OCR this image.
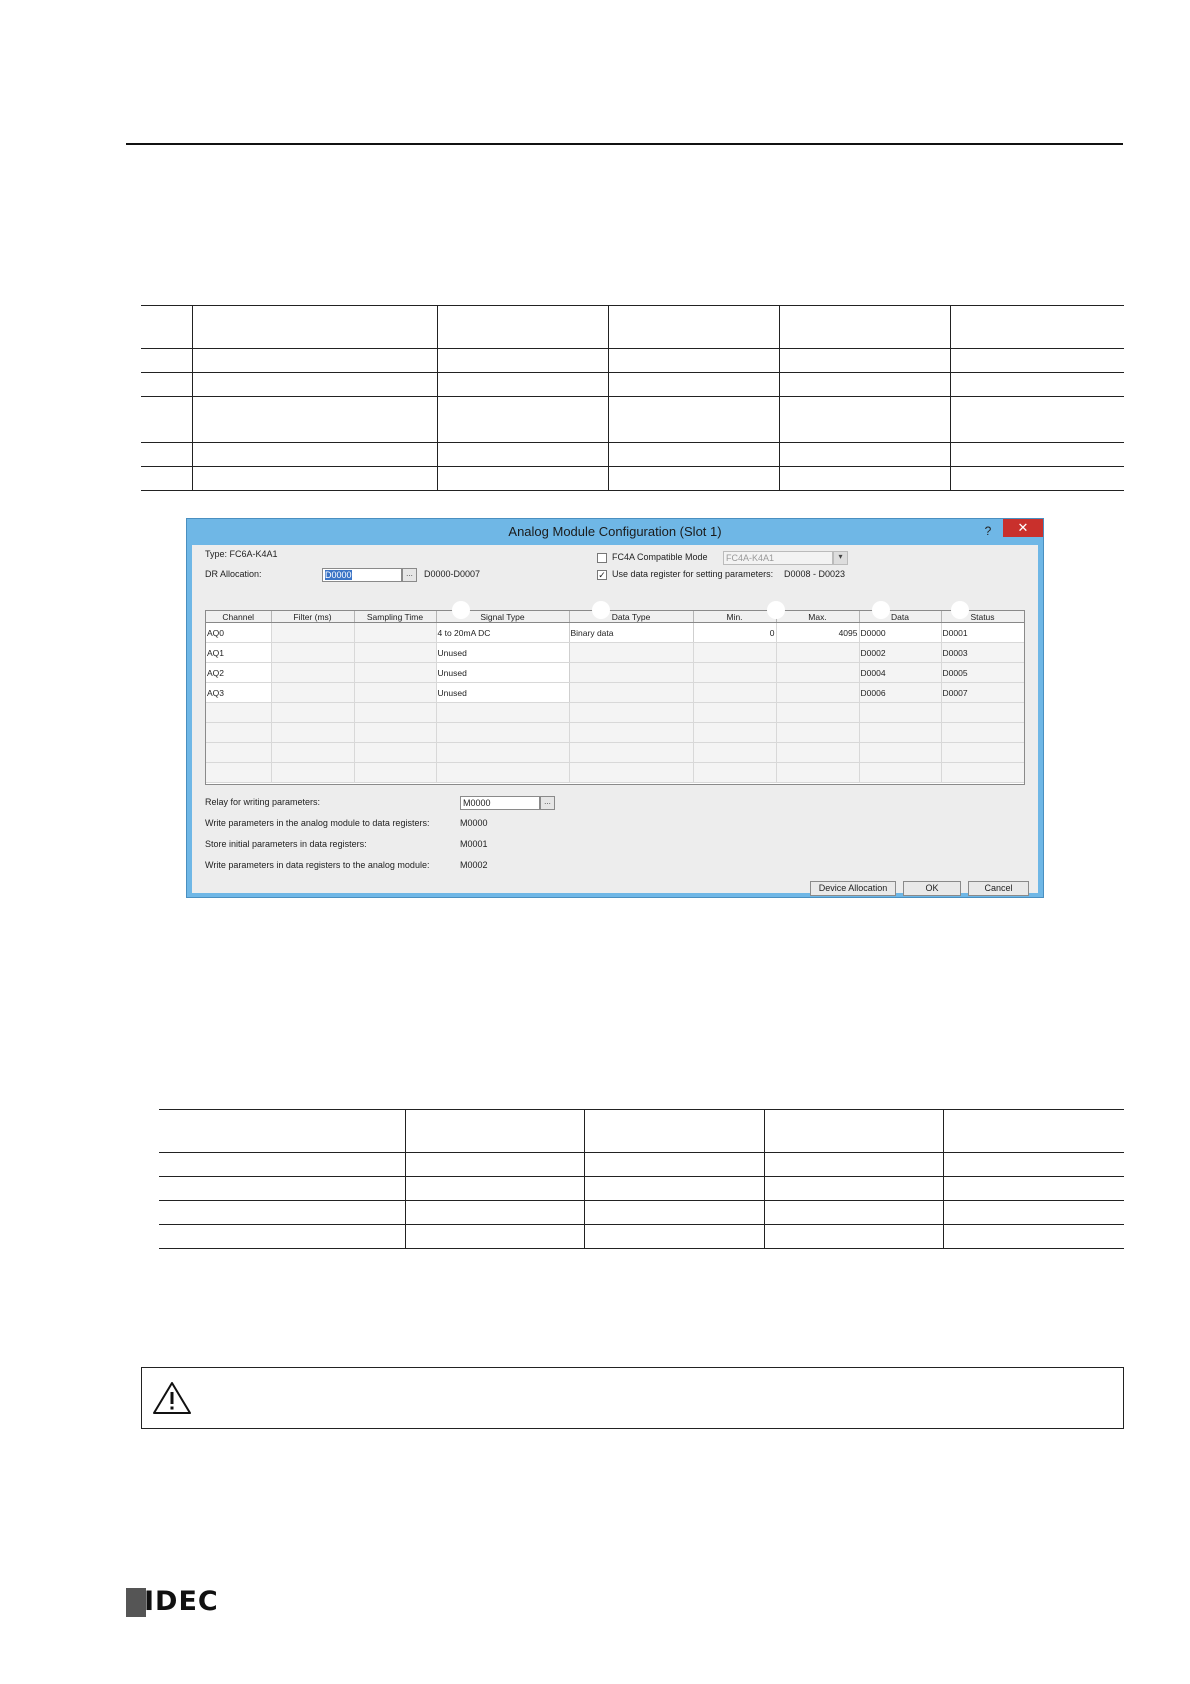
Analog Module Configuration (Slot 1)	?	✕
Type: FC6A-K4A1
DR Allocation:	D0000	...	D0000-D0007
FC4A Compatible Mode	FC4A-K4A1	▾
✓ Use data register for setting parameters: D0008 - D0023
Channel	Filter (ms)	Sampling Time	Signal Type	Data Type	Min.	Max.	Data	Status
AQ0			4 to 20mA DC	Binary data	0	4095	D0000	D0001
AQ1			Unused				D0002	D0003
AQ2			Unused				D0004	D0005
AQ3			Unused				D0006	D0007

Relay for writing parameters:	M0000	...
Write parameters in the analog module to data registers:	M0000
Store initial parameters in data registers:	M0001
Write parameters in data registers to the analog module:	M0002
Device Allocation	OK	Cancel

IDEC
